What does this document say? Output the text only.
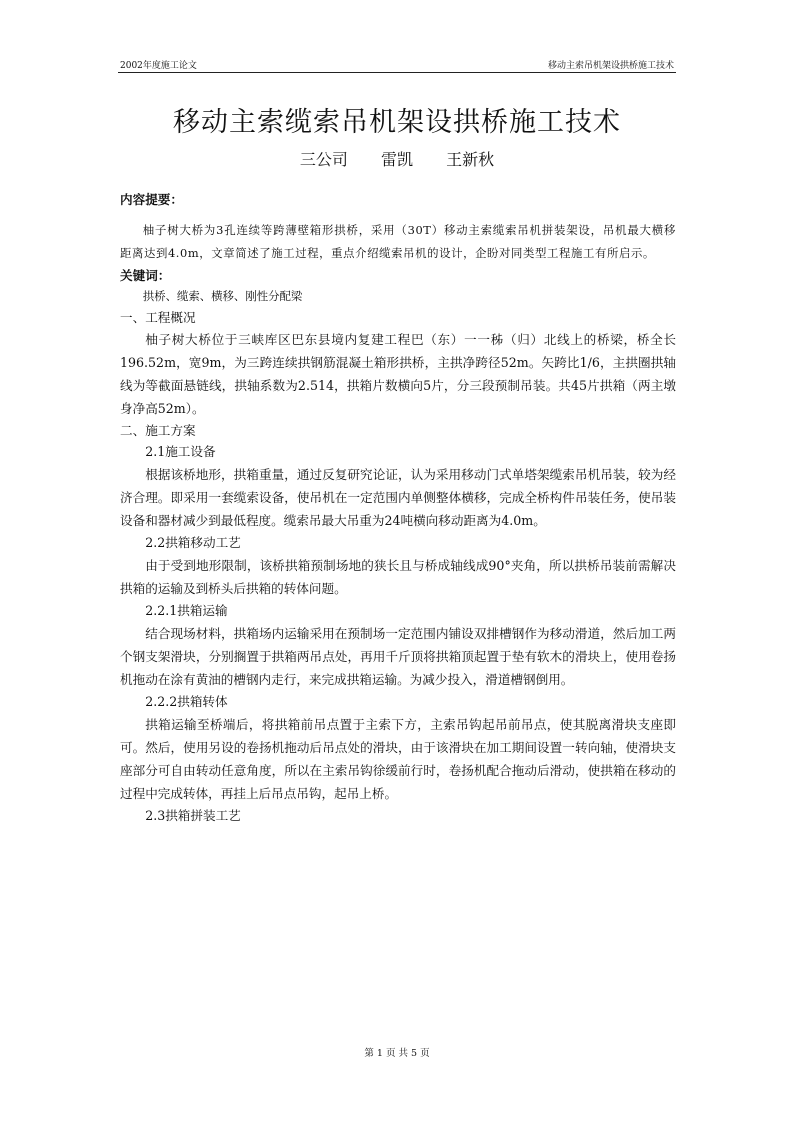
2002年度施工论文	移动主索吊机架设拱桥施工技术
移动主索缆索吊机架设拱桥施工技术
三公司 雷凯 王新秋
内容提要：
柚子树大桥为3孔连续等跨薄壁箱形拱桥，采用（30T）移动主索缆索吊机拼装架设，吊机最大横移距离达到4.0m，文章简述了施工过程，重点介绍缆索吊机的设计，企盼对同类型工程施工有所启示。
关键词：
拱桥、缆索、横移、刚性分配梁
一、工程概况
柚子树大桥位于三峡库区巴东县境内复建工程巴（东）一一秭（归）北线上的桥梁，桥全长196.52m，宽9m，为三跨连续拱钢筋混凝土箱形拱桥，主拱净跨径52m。矢跨比1/6，主拱圈拱轴线为等截面悬链线，拱轴系数为2.514，拱箱片数横向5片，分三段预制吊装。共45片拱箱（两主墩身净高52m）。
二、施工方案
2.1施工设备
根据该桥地形，拱箱重量，通过反复研究论证，认为采用移动门式单塔架缆索吊机吊装，较为经济合理。即采用一套缆索设备，使吊机在一定范围内单侧整体横移，完成全桥构件吊装任务，使吊装设备和器材减少到最低程度。缆索吊最大吊重为24吨横向移动距离为4.0m。
2.2拱箱移动工艺
由于受到地形限制，该桥拱箱预制场地的狭长且与桥成轴线成90°夹角，所以拱桥吊装前需解决拱箱的运输及到桥头后拱箱的转体问题。
2.2.1拱箱运输
结合现场材料，拱箱场内运输采用在预制场一定范围内铺设双排槽钢作为移动滑道，然后加工两个钢支架滑块，分别搁置于拱箱两吊点处，再用千斤顶将拱箱顶起置于垫有软木的滑块上，使用卷扬机拖动在涂有黄油的槽钢内走行，来完成拱箱运输。为减少投入，滑道槽钢倒用。
2.2.2拱箱转体
拱箱运输至桥端后，将拱箱前吊点置于主索下方，主索吊钩起吊前吊点，使其脱离滑块支座即可。然后，使用另设的卷扬机拖动后吊点处的滑块，由于该滑块在加工期间设置一转向轴，使滑块支座部分可自由转动任意角度，所以在主索吊钩徐缓前行时，卷扬机配合拖动后滑动，使拱箱在移动的过程中完成转体，再挂上后吊点吊钩，起吊上桥。
2.3拱箱拼装工艺
第 1 页 共 5 页
